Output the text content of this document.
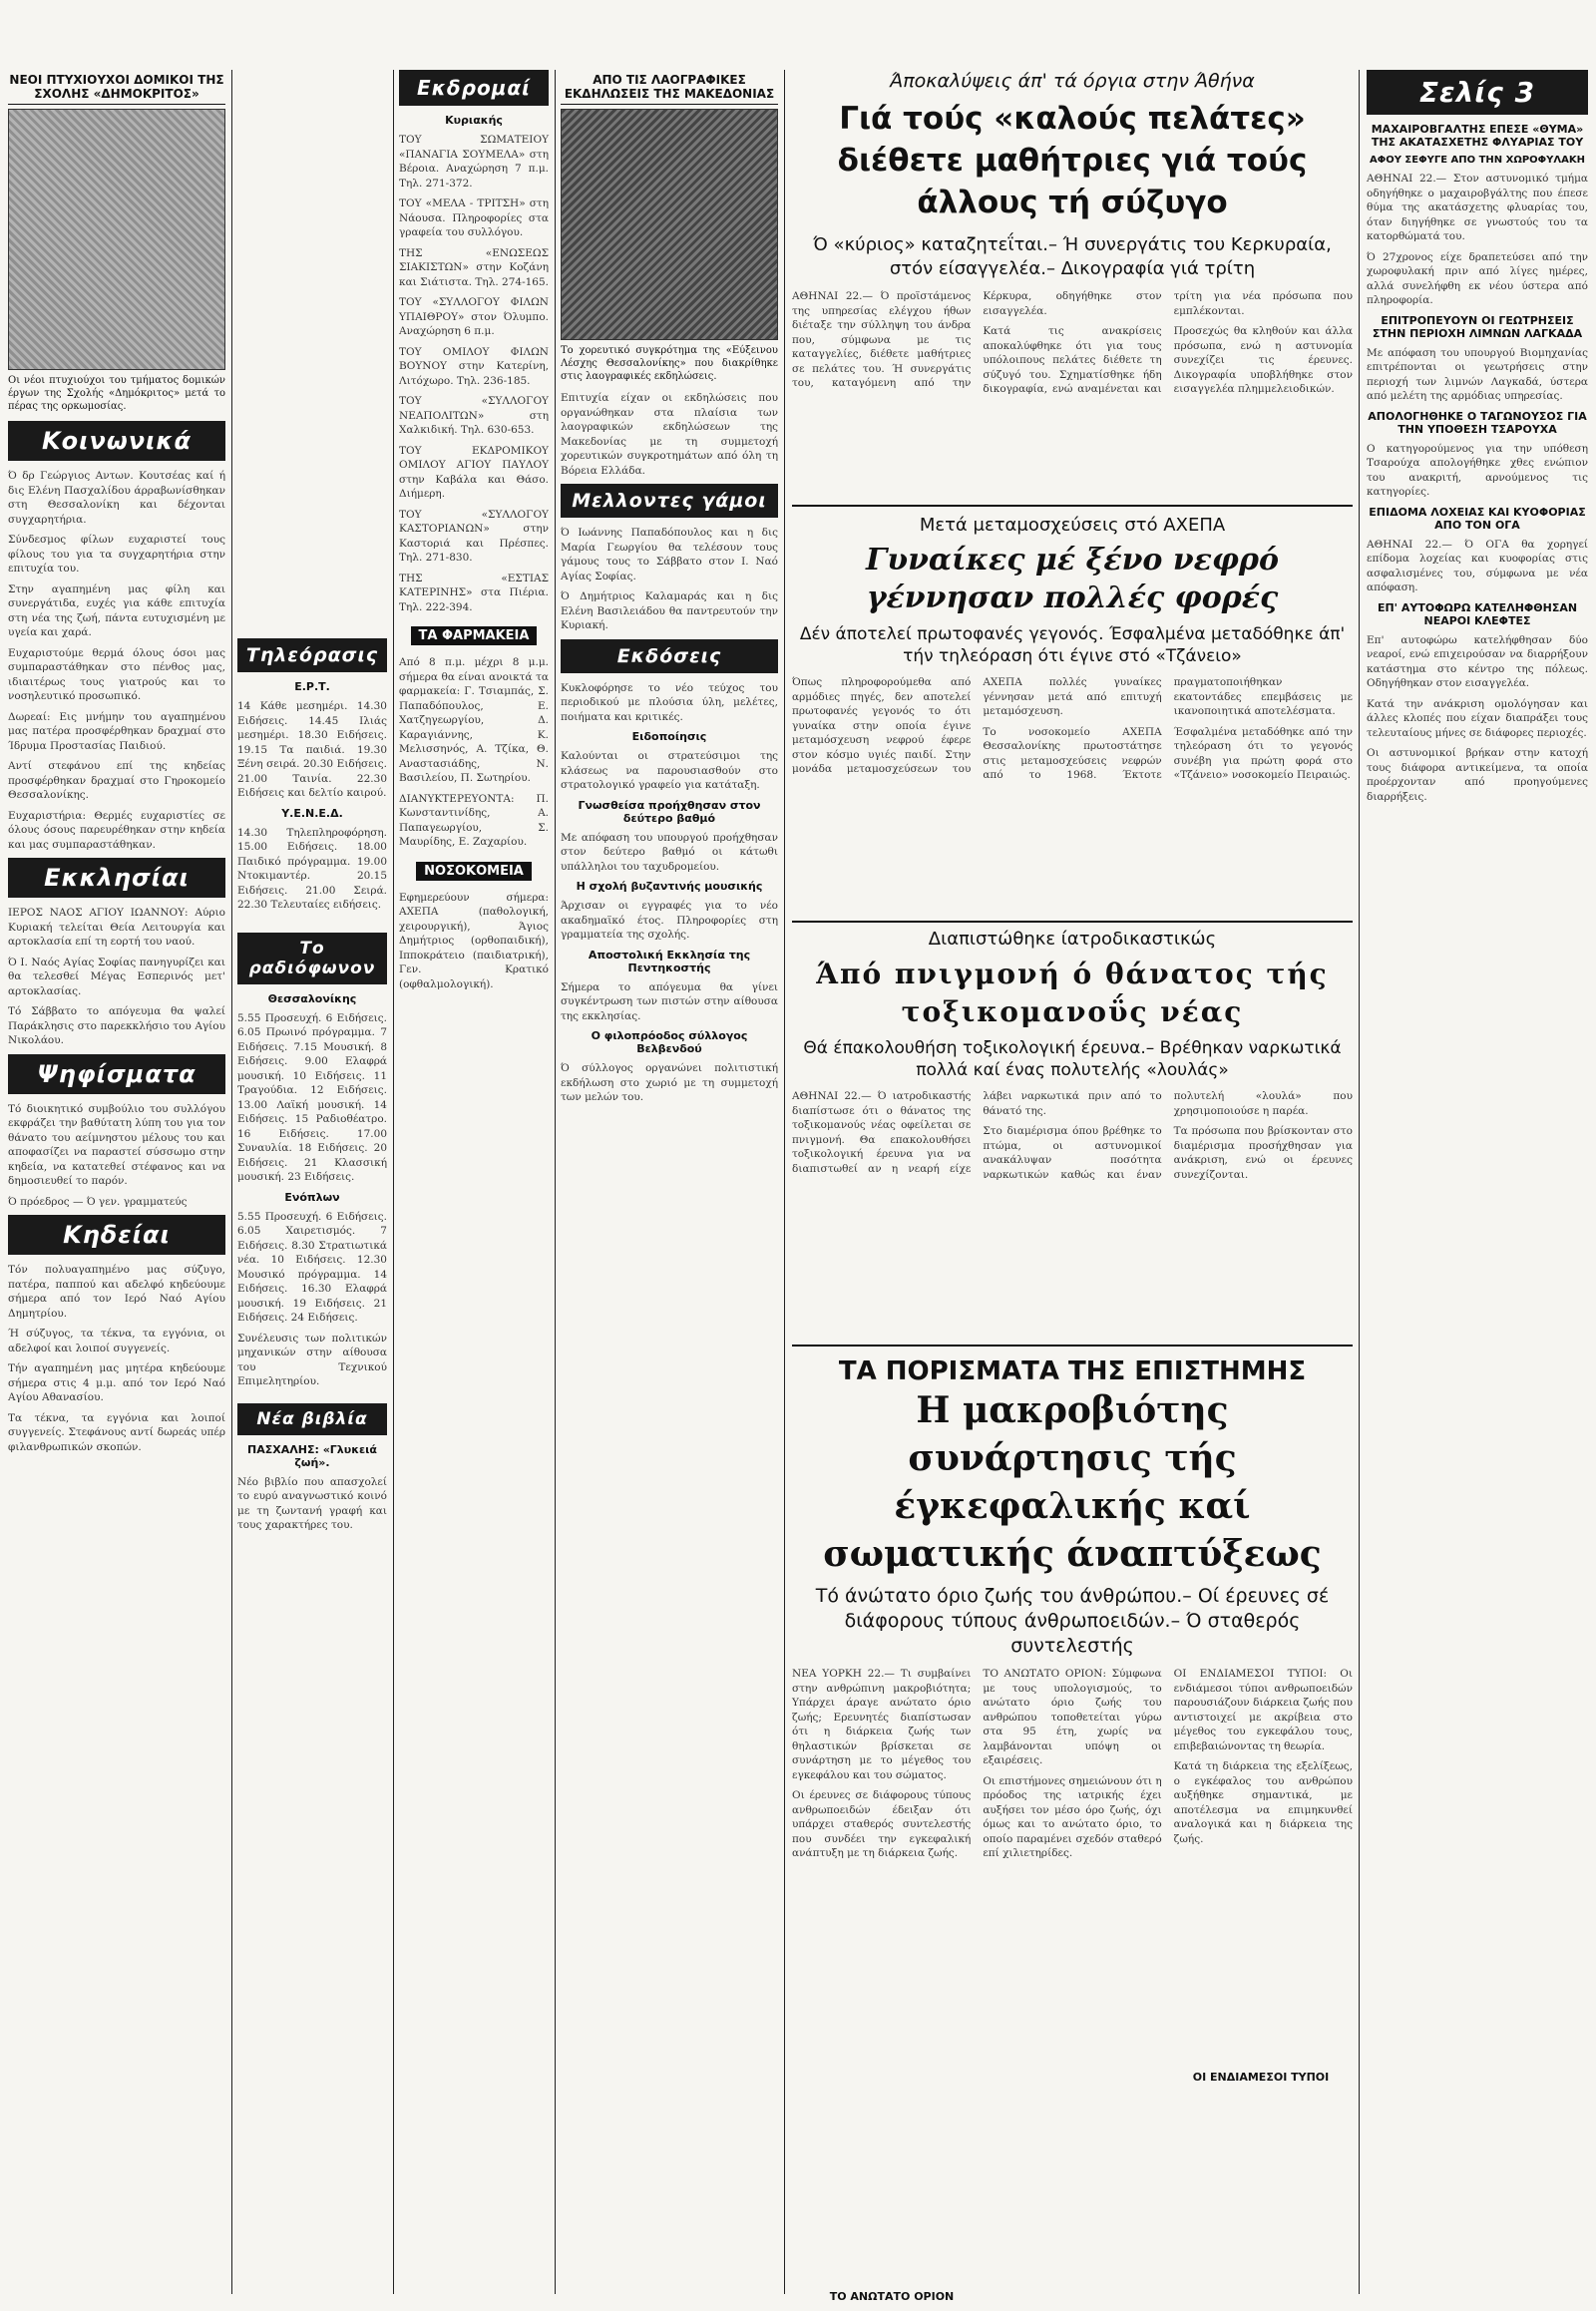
ΝΕΟΙ ΠΤΥΧΙΟΥΧΟΙ ΔΟΜΙΚΟΙ ΤΗΣ ΣΧΟΛΗΣ «ΔΗΜΟΚΡΙΤΟΣ»
Οι νέοι πτυχιούχοι του τμήματος δομικών έργων της Σχολής «Δημόκριτος» μετά το πέρας της ορκωμοσίας.
Κοινωνικά

Ό δρ Γεώργιος Αντων. Κουτσέας καί ή δις Ελένη Πασχαλίδου άρραβωνίσθηκαν στη Θεσσαλονίκη και δέχονται συγχαρητήρια.

Σύνδεσμος φίλων ευχαριστεί τους φίλους του για τα συγχαρητήρια στην επιτυχία του.

Στην αγαπημένη μας φίλη και συνεργάτιδα, ευχές για κάθε επιτυχία στη νέα της ζωή, πάντα ευτυχισμένη με υγεία και χαρά.

Ευχαριστούμε θερμά όλους όσοι μας συμπαραστάθηκαν στο πένθος μας, ιδιαιτέρως τους γιατρούς και το νοσηλευτικό προσωπικό.

Δωρεαί: Εις μνήμην του αγαπημένου μας πατέρα προσφέρθηκαν δραχμαί στο Ίδρυμα Προστασίας Παιδιού.

Αντί στεφάνου επί της κηδείας προσφέρθηκαν δραχμαί στο Γηροκομείο Θεσσαλονίκης.

Ευχαριστήρια: Θερμές ευχαριστίες σε όλους όσους παρευρέθηκαν στην κηδεία και μας συμπαραστάθηκαν.

Εκκλησίαι

ΙΕΡΟΣ ΝΑΟΣ ΑΓΙΟΥ ΙΩΑΝΝΟΥ: Αύριο Κυριακή τελείται Θεία Λειτουργία και αρτοκλασία επί τη εορτή του ναού.

Ό Ι. Ναός Αγίας Σοφίας πανηγυρίζει και θα τελεσθεί Μέγας Εσπερινός μετ' αρτοκλασίας.

Τό Σάββατο το απόγευμα θα ψαλεί Παράκλησις στο παρεκκλήσιο του Αγίου Νικολάου.

Ψηφίσματα

Τό διοικητικό συμβούλιο του συλλόγου εκφράζει την βαθύτατη λύπη του για τον θάνατο του αείμνηστου μέλους του και αποφασίζει να παραστεί σύσσωμο στην κηδεία, να κατατεθεί στέφανος και να δημοσιευθεί το παρόν.

Ό πρόεδρος — Ό γεν. γραμματεύς

Κηδείαι

Τόν πολυαγαπημένο μας σύζυγο, πατέρα, παππού και αδελφό κηδεύουμε σήμερα από τον Ιερό Ναό Αγίου Δημητρίου.

Ή σύζυγος, τα τέκνα, τα εγγόνια, οι αδελφοί και λοιποί συγγενείς.

Τήν αγαπημένη μας μητέρα κηδεύουμε σήμερα στις 4 μ.μ. από τον Ιερό Ναό Αγίου Αθανασίου.

Τα τέκνα, τα εγγόνια και λοιποί συγγενείς. Στεφάνους αντί δωρεάς υπέρ φιλανθρωπικών σκοπών.

Τηλεόρασις
Ε.Ρ.Τ.

14 Κάθε μεσημέρι. 14.30 Ειδήσεις. 14.45 Ιλιάς μεσημέρι. 18.30 Ειδήσεις. 19.15 Τα παιδιά. 19.30 Ξένη σειρά. 20.30 Ειδήσεις. 21.00 Ταινία. 22.30 Ειδήσεις και δελτίο καιρού.

Υ.Ε.Ν.Ε.Δ.

14.30 Τηλεπληροφόρηση. 15.00 Ειδήσεις. 18.00 Παιδικό πρόγραμμα. 19.00 Ντοκιμαντέρ. 20.15 Ειδήσεις. 21.00 Σειρά. 22.30 Τελευταίες ειδήσεις.

Το ραδιόφωνον
Θεσσαλονίκης

5.55 Προσευχή. 6 Ειδήσεις. 6.05 Πρωινό πρόγραμμα. 7 Ειδήσεις. 7.15 Μουσική. 8 Ειδήσεις. 9.00 Ελαφρά μουσική. 10 Ειδήσεις. 11 Τραγούδια. 12 Ειδήσεις. 13.00 Λαϊκή μουσική. 14 Ειδήσεις. 15 Ραδιοθέατρο. 16 Ειδήσεις. 17.00 Συναυλία. 18 Ειδήσεις. 20 Ειδήσεις. 21 Κλασσική μουσική. 23 Ειδήσεις.

Ενόπλων

5.55 Προσευχή. 6 Ειδήσεις. 6.05 Χαιρετισμός. 7 Ειδήσεις. 8.30 Στρατιωτικά νέα. 10 Ειδήσεις. 12.30 Μουσικό πρόγραμμα. 14 Ειδήσεις. 16.30 Ελαφρά μουσική. 19 Ειδήσεις. 21 Ειδήσεις. 24 Ειδήσεις.

Συνέλευσις των πολιτικών μηχανικών στην αίθουσα του Τεχνικού Επιμελητηρίου.

Νέα βιβλία
ΠΑΣΧΑΛΗΣ: «Γλυκειά ζωή».

Νέο βιβλίο που απασχολεί το ευρύ αναγνωστικό κοινό με τη ζωντανή γραφή και τους χαρακτήρες του.

Εκδρομαί
Κυριακής

ΤΟΥ ΣΩΜΑΤΕΙΟΥ «ΠΑΝΑΓΙΑ ΣΟΥΜΕΛΑ» στη Βέροια. Αναχώρηση 7 π.μ. Τηλ. 271-372.

ΤΟΥ «ΜΕΛΑ - ΤΡΙΤΣΗ» στη Νάουσα. Πληροφορίες στα γραφεία του συλλόγου.

ΤΗΣ «ΕΝΩΣΕΩΣ ΣΙΑΚΙΣΤΩΝ» στην Κοζάνη και Σιάτιστα. Τηλ. 274-165.

ΤΟΥ «ΣΥΛΛΟΓΟΥ ΦΙΛΩΝ ΥΠΑΙΘΡΟΥ» στον Όλυμπο. Αναχώρηση 6 π.μ.

ΤΟΥ ΟΜΙΛΟΥ ΦΙΛΩΝ ΒΟΥΝΟΥ στην Κατερίνη, Λιτόχωρο. Τηλ. 236-185.

ΤΟΥ «ΣΥΛΛΟΓΟΥ ΝΕΑΠΟΛΙΤΩΝ» στη Χαλκιδική. Τηλ. 630-653.

ΤΟΥ ΕΚΔΡΟΜΙΚΟΥ ΟΜΙΛΟΥ ΑΓΙΟΥ ΠΑΥΛΟΥ στην Καβάλα και Θάσο. Διήμερη.

ΤΟΥ «ΣΥΛΛΟΓΟΥ ΚΑΣΤΟΡΙΑΝΩΝ» στην Καστοριά και Πρέσπες. Τηλ. 271-830.

ΤΗΣ «ΕΣΤΙΑΣ ΚΑΤΕΡΙΝΗΣ» στα Πιέρια. Τηλ. 222-394.

ΤΑ ΦΑΡΜΑΚΕΙΑ

Από 8 π.μ. μέχρι 8 μ.μ. σήμερα θα είναι ανοικτά τα φαρμακεία: Γ. Τσιαμπάς, Σ. Παπαδόπουλος, Ε. Χατζηγεωργίου, Δ. Καραγιάννης, Κ. Μελισσηνός, Α. Τζίκα, Θ. Αναστασιάδης, Ν. Βασιλείου, Π. Σωτηρίου.

ΔΙΑΝΥΚΤΕΡΕΥΟΝΤΑ: Π. Κωνσταντινίδης, Α. Παπαγεωργίου, Σ. Μαυρίδης, Ε. Ζαχαρίου.

ΝΟΣΟΚΟΜΕΙΑ

Εφημερεύουν σήμερα: ΑΧΕΠΑ (παθολογική, χειρουργική), Άγιος Δημήτριος (ορθοπαιδική), Ιπποκράτειο (παιδιατρική), Γεν. Κρατικό (οφθαλμολογική).

ΑΠΟ ΤΙΣ ΛΑΟΓΡΑΦΙΚΕΣ ΕΚΔΗΛΩΣΕΙΣ ΤΗΣ ΜΑΚΕΔΟΝΙΑΣ
Το χορευτικό συγκρότημα της «Εύξεινου Λέσχης Θεσσαλονίκης» που διακρίθηκε στις λαογραφικές εκδηλώσεις.

Επιτυχία είχαν οι εκδηλώσεις που οργανώθηκαν στα πλαίσια των λαογραφικών εκδηλώσεων της Μακεδονίας με τη συμμετοχή χορευτικών συγκροτημάτων από όλη τη Βόρεια Ελλάδα.

Μελλοντες γάμοι

Ό Ιωάννης Παπαδόπουλος και η δις Μαρία Γεωργίου θα τελέσουν τους γάμους τους το Σάββατο στον Ι. Ναό Αγίας Σοφίας.

Ό Δημήτριος Καλαμαράς και η δις Ελένη Βασιλειάδου θα παντρευτούν την Κυριακή.

Εκδόσεις

Κυκλοφόρησε το νέο τεύχος του περιοδικού με πλούσια ύλη, μελέτες, ποιήματα και κριτικές.

Ειδοποίησις

Καλούνται οι στρατεύσιμοι της κλάσεως να παρουσιασθούν στο στρατολογικό γραφείο για κατάταξη.

Γνωσθείσα προήχθησαν στον δεύτερο βαθμό

Με απόφαση του υπουργού προήχθησαν στον δεύτερο βαθμό οι κάτωθι υπάλληλοι του ταχυδρομείου.

Η σχολή βυζαντινής μουσικής

Άρχισαν οι εγγραφές για το νέο ακαδημαϊκό έτος. Πληροφορίες στη γραμματεία της σχολής.

Αποστολική Εκκλησία της Πεντηκοστής

Σήμερα το απόγευμα θα γίνει συγκέντρωση των πιστών στην αίθουσα της εκκλησίας.

Ο φιλοπρόοδος σύλλογος Βελβενδού

Ό σύλλογος οργανώνει πολιτιστική εκδήλωση στο χωριό με τη συμμετοχή των μελών του.

Άποκαλύψεις άπ' τά όργια στην Άθήνα
Γιά τούς «καλούς πελάτες» διέθετε μαθήτριες γιά τούς άλλους τή σύζυγο
Ό «κύριος» καταζητεΐται.– Ή συνεργάτις του Κερκυραία, στόν είσαγγελέα.– Δικογραφία γιά τρίτη

ΑΘΗΝΑΙ 22.— Ό προϊστάμενος της υπηρεσίας ελέγχου ήθων διέταξε την σύλληψη του άνδρα που, σύμφωνα με τις καταγγελίες, διέθετε μαθήτριες σε πελάτες του. Ή συνεργάτις του, καταγόμενη από την Κέρκυρα, οδηγήθηκε στον εισαγγελέα.

Κατά τις ανακρίσεις αποκαλύφθηκε ότι για τους υπόλοιπους πελάτες διέθετε τη σύζυγό του. Σχηματίσθηκε ήδη δικογραφία, ενώ αναμένεται και τρίτη για νέα πρόσωπα που εμπλέκονται.

Προσεχώς θα κληθούν και άλλα πρόσωπα, ενώ η αστυνομία συνεχίζει τις έρευνες. Δικογραφία υποβλήθηκε στον εισαγγελέα πλημμελειοδικών.

Μετά μεταμοσχεύσεις στό ΑΧΕΠΑ
Γυναίκες μέ ξένο νεφρό γέννησαν πολλές φορές
Δέν άποτελεί πρωτοφανές γεγονός. Έσφαλμένα μεταδόθηκε άπ' τήν τηλεόραση ότι έγινε στό «Τζάνειο»

Όπως πληροφορούμεθα από αρμόδιες πηγές, δεν αποτελεί πρωτοφανές γεγονός το ότι γυναίκα στην οποία έγινε μεταμόσχευση νεφρού έφερε στον κόσμο υγιές παιδί. Στην μονάδα μεταμοσχεύσεων του ΑΧΕΠΑ πολλές γυναίκες γέννησαν μετά από επιτυχή μεταμόσχευση.

Το νοσοκομείο ΑΧΕΠΑ Θεσσαλονίκης πρωτοστάτησε στις μεταμοσχεύσεις νεφρών από το 1968. Έκτοτε πραγματοποιήθηκαν εκατοντάδες επεμβάσεις με ικανοποιητικά αποτελέσματα.

Έσφαλμένα μεταδόθηκε από την τηλεόραση ότι το γεγονός συνέβη για πρώτη φορά στο «Τζάνειο» νοσοκομείο Πειραιώς.

Διαπιστώθηκε ίατροδικαστικώς
Άπό πνιγμονή ό θάνατος τής τοξικομανοΰς νέας
Θά έπακολουθήση τοξικολογική έρευνα.– Βρέθηκαν ναρκωτικά πολλά καί ένας πολυτελής «λουλάς»

ΑΘΗΝΑΙ 22.— Ό ιατροδικαστής διαπίστωσε ότι ο θάνατος της τοξικομανούς νέας οφείλεται σε πνιγμονή. Θα επακολουθήσει τοξικολογική έρευνα για να διαπιστωθεί αν η νεαρή είχε λάβει ναρκωτικά πριν από το θάνατό της.

Στο διαμέρισμα όπου βρέθηκε το πτώμα, οι αστυνομικοί ανακάλυψαν ποσότητα ναρκωτικών καθώς και έναν πολυτελή «λουλά» που χρησιμοποιούσε η παρέα.

Τα πρόσωπα που βρίσκονταν στο διαμέρισμα προσήχθησαν για ανάκριση, ενώ οι έρευνες συνεχίζονται.

ΤΑ ΠΟΡΙΣΜΑΤΑ ΤΗΣ ΕΠΙΣΤΗΜΗΣ
Η μακροβιότης συνάρτησις τής έγκεφαλικής καί σωματικής άναπτύξεως
Τό άνώτατο όριο ζωής του άνθρώπου.– Οί έρευνες σέ διάφορους τύπους άνθρωποειδών.– Ό σταθερός συντελεστής

ΝΕΑ ΥΟΡΚΗ 22.— Τι συμβαίνει στην ανθρώπινη μακροβιότητα; Υπάρχει άραγε ανώτατο όριο ζωής; Ερευνητές διαπίστωσαν ότι η διάρκεια ζωής των θηλαστικών βρίσκεται σε συνάρτηση με το μέγεθος του εγκεφάλου και του σώματος.

Οι έρευνες σε διάφορους τύπους ανθρωποειδών έδειξαν ότι υπάρχει σταθερός συντελεστής που συνδέει την εγκεφαλική ανάπτυξη με τη διάρκεια ζωής.

ΤΟ ΑΝΩΤΑΤΟ ΟΡΙΟΝ: Σύμφωνα με τους υπολογισμούς, το ανώτατο όριο ζωής του ανθρώπου τοποθετείται γύρω στα 95 έτη, χωρίς να λαμβάνονται υπόψη οι εξαιρέσεις.

Οι επιστήμονες σημειώνουν ότι η πρόοδος της ιατρικής έχει αυξήσει τον μέσο όρο ζωής, όχι όμως και το ανώτατο όριο, το οποίο παραμένει σχεδόν σταθερό επί χιλιετηρίδες.

ΟΙ ΕΝΔΙΑΜΕΣΟΙ ΤΥΠΟΙ: Οι ενδιάμεσοι τύποι ανθρωποειδών παρουσιάζουν διάρκεια ζωής που αντιστοιχεί με ακρίβεια στο μέγεθος του εγκεφάλου τους, επιβεβαιώνοντας τη θεωρία.

Κατά τη διάρκεια της εξελίξεως, ο εγκέφαλος του ανθρώπου αυξήθηκε σημαντικά, με αποτέλεσμα να επιμηκυνθεί αναλογικά και η διάρκεια της ζωής.

ΤΟ ΑΝΩΤΑΤΟ ΟΡΙΟΝ
ΟΙ ΕΝΔΙΑΜΕΣΟΙ ΤΥΠΟΙ
Σελίς 3
ΜΑΧΑΙΡΟΒΓΑΛΤΗΣ ΕΠΕΣΕ «ΘΥΜΑ» ΤΗΣ ΑΚΑΤΑΣΧΕΤΗΣ ΦΛΥΑΡΙΑΣ ΤΟΥ
ΑΦΟΥ ΣΕΦΥΓΕ ΑΠΟ ΤΗΝ ΧΩΡΟΦΥΛΑΚΗ

ΑΘΗΝΑΙ 22.— Στον αστυνομικό τμήμα οδηγήθηκε ο μαχαιροβγάλτης που έπεσε θύμα της ακατάσχετης φλυαρίας του, όταν διηγήθηκε σε γνωστούς του τα κατορθώματά του.

Ό 27χρονος είχε δραπετεύσει από την χωροφυλακή πριν από λίγες ημέρες, αλλά συνελήφθη εκ νέου ύστερα από πληροφορία.

ΕΠΙΤΡΟΠΕΥΟΥΝ ΟΙ ΓΕΩΤΡΗΣΕΙΣ ΣΤΗΝ ΠΕΡΙΟΧΗ ΛΙΜΝΩΝ ΛΑΓΚΑΔΑ

Με απόφαση του υπουργού Βιομηχανίας επιτρέπονται οι γεωτρήσεις στην περιοχή των λιμνών Λαγκαδά, ύστερα από μελέτη της αρμόδιας υπηρεσίας.

ΑΠΟΛΟΓΗΘΗΚΕ Ο ΤΑΓΩΝΟΥΣΟΣ ΓΙΑ ΤΗΝ ΥΠΟΘΕΣΗ ΤΣΑΡΟΥΧΑ

Ο κατηγορούμενος για την υπόθεση Τσαρούχα απολογήθηκε χθες ενώπιον του ανακριτή, αρνούμενος τις κατηγορίες.

ΕΠΙΔΟΜΑ ΛΟΧΕΙΑΣ ΚΑΙ ΚΥΟΦΟΡΙΑΣ ΑΠΟ ΤΟΝ ΟΓΑ

ΑΘΗΝΑΙ 22.— Ό ΟΓΑ θα χορηγεί επίδομα λοχείας και κυοφορίας στις ασφαλισμένες του, σύμφωνα με νέα απόφαση.

ΕΠ' ΑΥΤΟΦΩΡΩ ΚΑΤΕΛΗΦΘΗΣΑΝ ΝΕΑΡΟΙ ΚΛΕΦΤΕΣ

Επ' αυτοφώρω κατελήφθησαν δύο νεαροί, ενώ επιχειρούσαν να διαρρήξουν κατάστημα στο κέντρο της πόλεως. Οδηγήθηκαν στον εισαγγελέα.

Κατά την ανάκριση ομολόγησαν και άλλες κλοπές που είχαν διαπράξει τους τελευταίους μήνες σε διάφορες περιοχές.

Οι αστυνομικοί βρήκαν στην κατοχή τους διάφορα αντικείμενα, τα οποία προέρχονταν από προηγούμενες διαρρήξεις.
